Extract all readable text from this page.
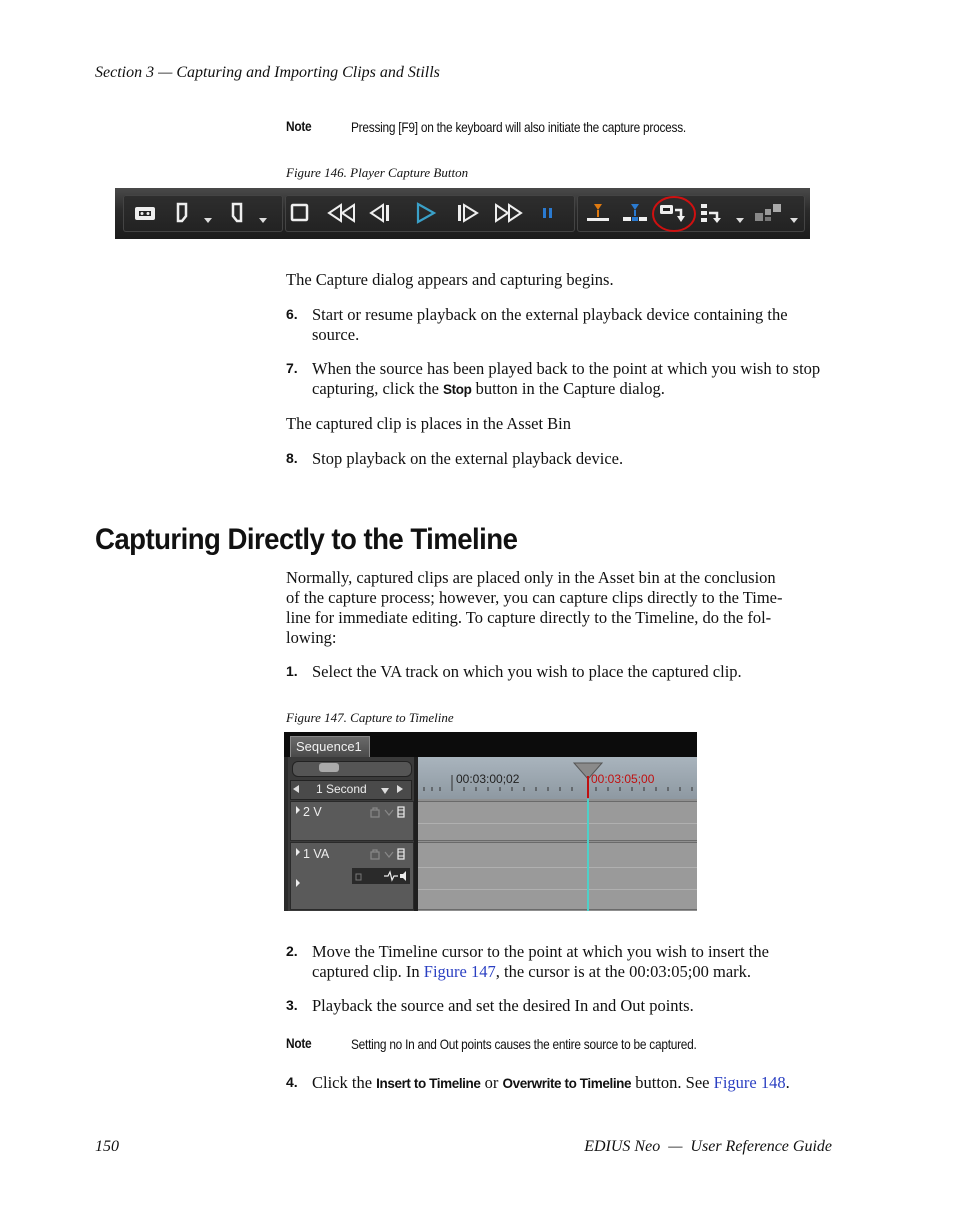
Section 3 — Capturing and Importing Clips and Stills
Note	Pressing [F9] on the keyboard will also initiate the capture process.
Figure 146. Player Capture Button
The Capture dialog appears and capturing begins.
6. Start or resume playback on the external playback device containing the source.
7. When the source has been played back to the point at which you wish to stop capturing, click the Stop button in the Capture dialog.
The captured clip is places in the Asset Bin
8. Stop playback on the external playback device.
Capturing Directly to the Timeline
Normally, captured clips are placed only in the Asset bin at the conclusion
of the capture process; however, you can capture clips directly to the Time-
line for immediate editing. To capture directly to the Timeline, do the fol-
lowing:
1. Select the VA track on which you wish to place the captured clip.
Figure 147. Capture to Timeline
Sequence1
1 Second
2 V
1 VA
00:03:00;02	00:03:05;00
2. Move the Timeline cursor to the point at which you wish to insert the
captured clip. In Figure 147, the cursor is at the 00:03:05;00 mark.
3. Playback the source and set the desired In and Out points.
Note	Setting no In and Out points causes the entire source to be captured.
4. Click the Insert to Timeline or Overwrite to Timeline button. See Figure 148.
150	EDIUS Neo  —  User Reference Guide
